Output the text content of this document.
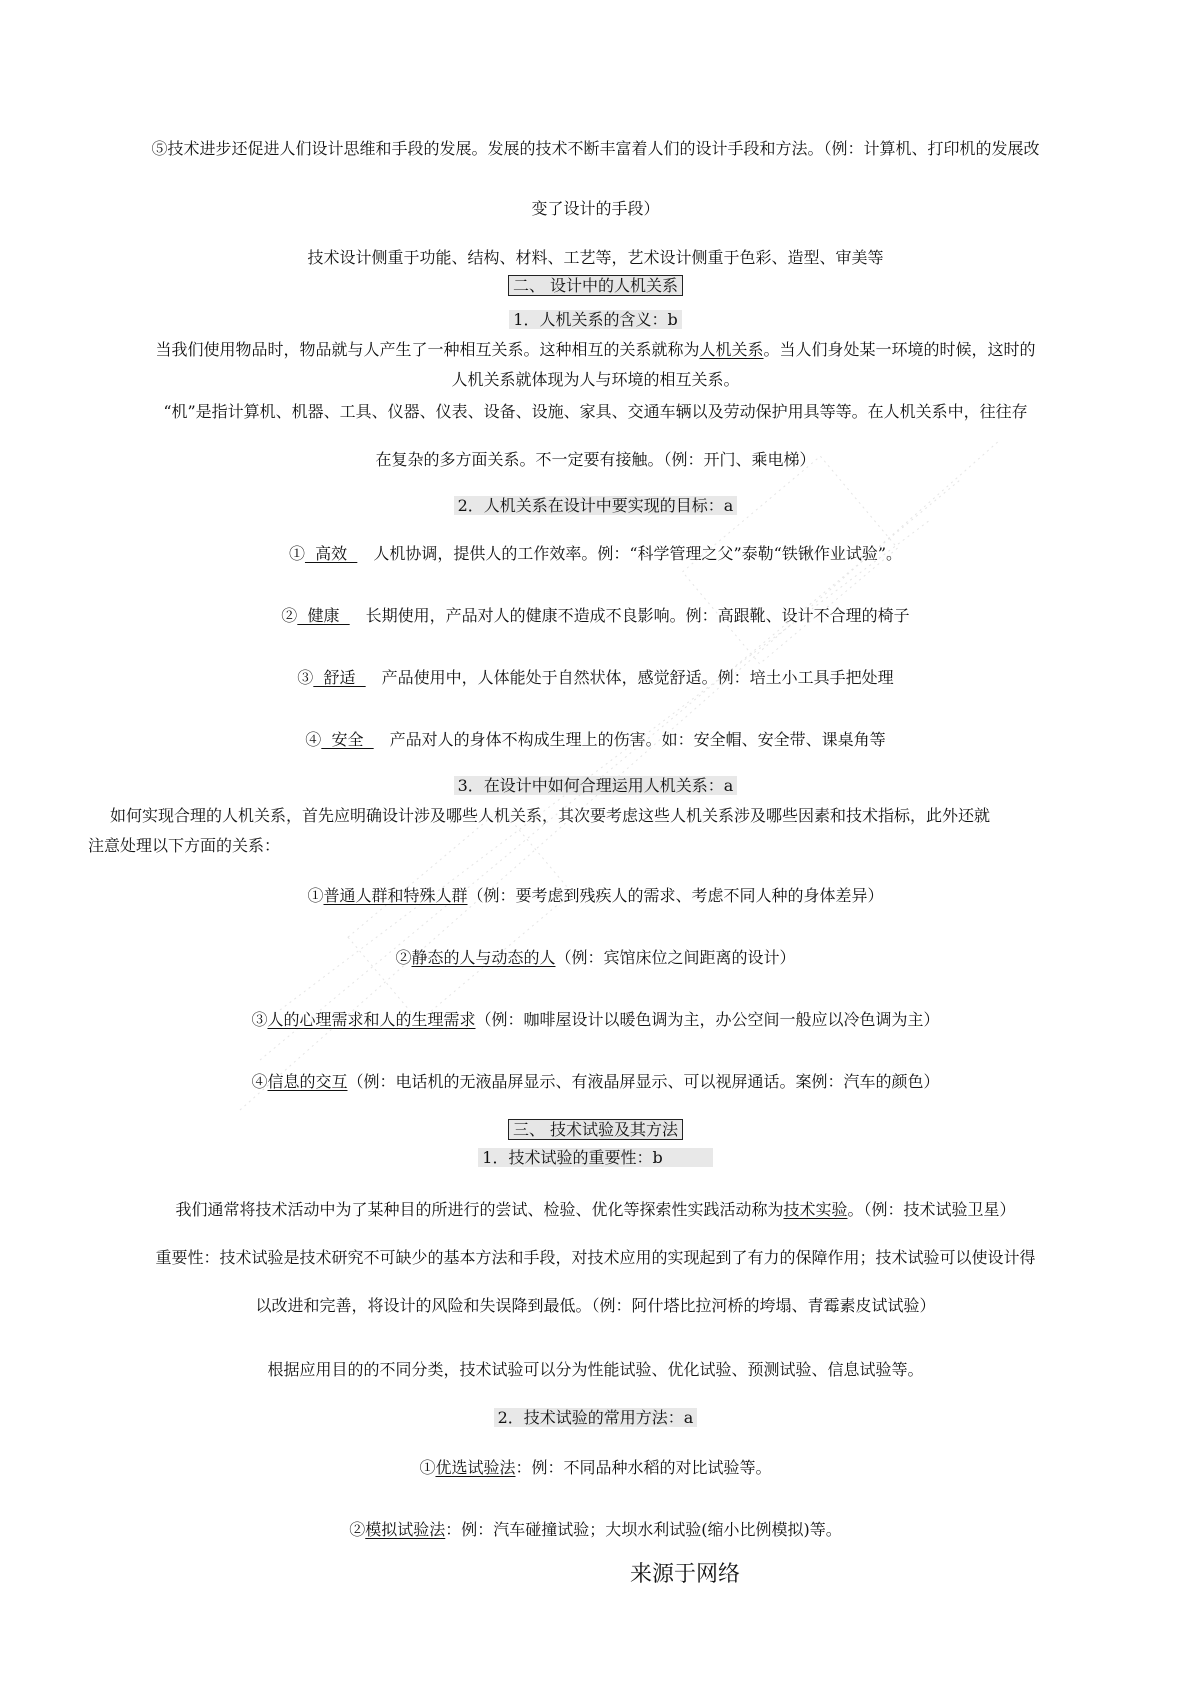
⑤技术进步还促进人们设计思维和手段的发展。发展的技术不断丰富着人们的设计手段和方法。（例：计算机、打印机的发展改
变了设计的手段）
技术设计侧重于功能、结构、材料、工艺等，艺术设计侧重于色彩、造型、审美等
二、 设计中的人机关系
1．人机关系的含义：b
当我们使用物品时，物品就与人产生了一种相互关系。这种相互的关系就称为人机关系。当人们身处某一环境的时候，这时的
人机关系就体现为人与环境的相互关系。
“机”是指计算机、机器、工具、仪器、仪表、设备、设施、家具、交通车辆以及劳动保护用具等等。在人机关系中，往往存
在复杂的多方面关系。不一定要有接触。（例：开门、乘电梯）
2．人机关系在设计中要实现的目标：a
①  高效  人机协调，提供人的工作效率。例：“科学管理之父”泰勒“铁锹作业试验”。
②  健康  长期使用，产品对人的健康不造成不良影响。例：高跟靴、设计不合理的椅子
③  舒适  产品使用中，人体能处于自然状体，感觉舒适。例：培土小工具手把处理
④  安全  产品对人的身体不构成生理上的伤害。如：安全帽、安全带、课桌角等
3．在设计中如何合理运用人机关系：a
如何实现合理的人机关系，首先应明确设计涉及哪些人机关系，其次要考虑这些人机关系涉及哪些因素和技术指标，此外还就
注意处理以下方面的关系：
①普通人群和特殊人群（例：要考虑到残疾人的需求、考虑不同人种的身体差异）
②静态的人与动态的人（例：宾馆床位之间距离的设计）
③人的心理需求和人的生理需求（例：咖啡屋设计以暖色调为主，办公空间一般应以冷色调为主）
④信息的交互（例：电话机的无液晶屏显示、有液晶屏显示、可以视屏通话。案例：汽车的颜色）
三、 技术试验及其方法
1．技术试验的重要性：b
我们通常将技术活动中为了某种目的所进行的尝试、检验、优化等探索性实践活动称为技术实验。（例：技术试验卫星）
重要性：技术试验是技术研究不可缺少的基本方法和手段，对技术应用的实现起到了有力的保障作用；技术试验可以使设计得
以改进和完善，将设计的风险和失误降到最低。（例：阿什塔比拉河桥的垮塌、青霉素皮试试验）
根据应用目的的不同分类，技术试验可以分为性能试验、优化试验、预测试验、信息试验等。
2．技术试验的常用方法：a
①优选试验法：例：不同品种水稻的对比试验等。
②模拟试验法：例：汽车碰撞试验；大坝水利试验(缩小比例模拟)等。
来源于网络
